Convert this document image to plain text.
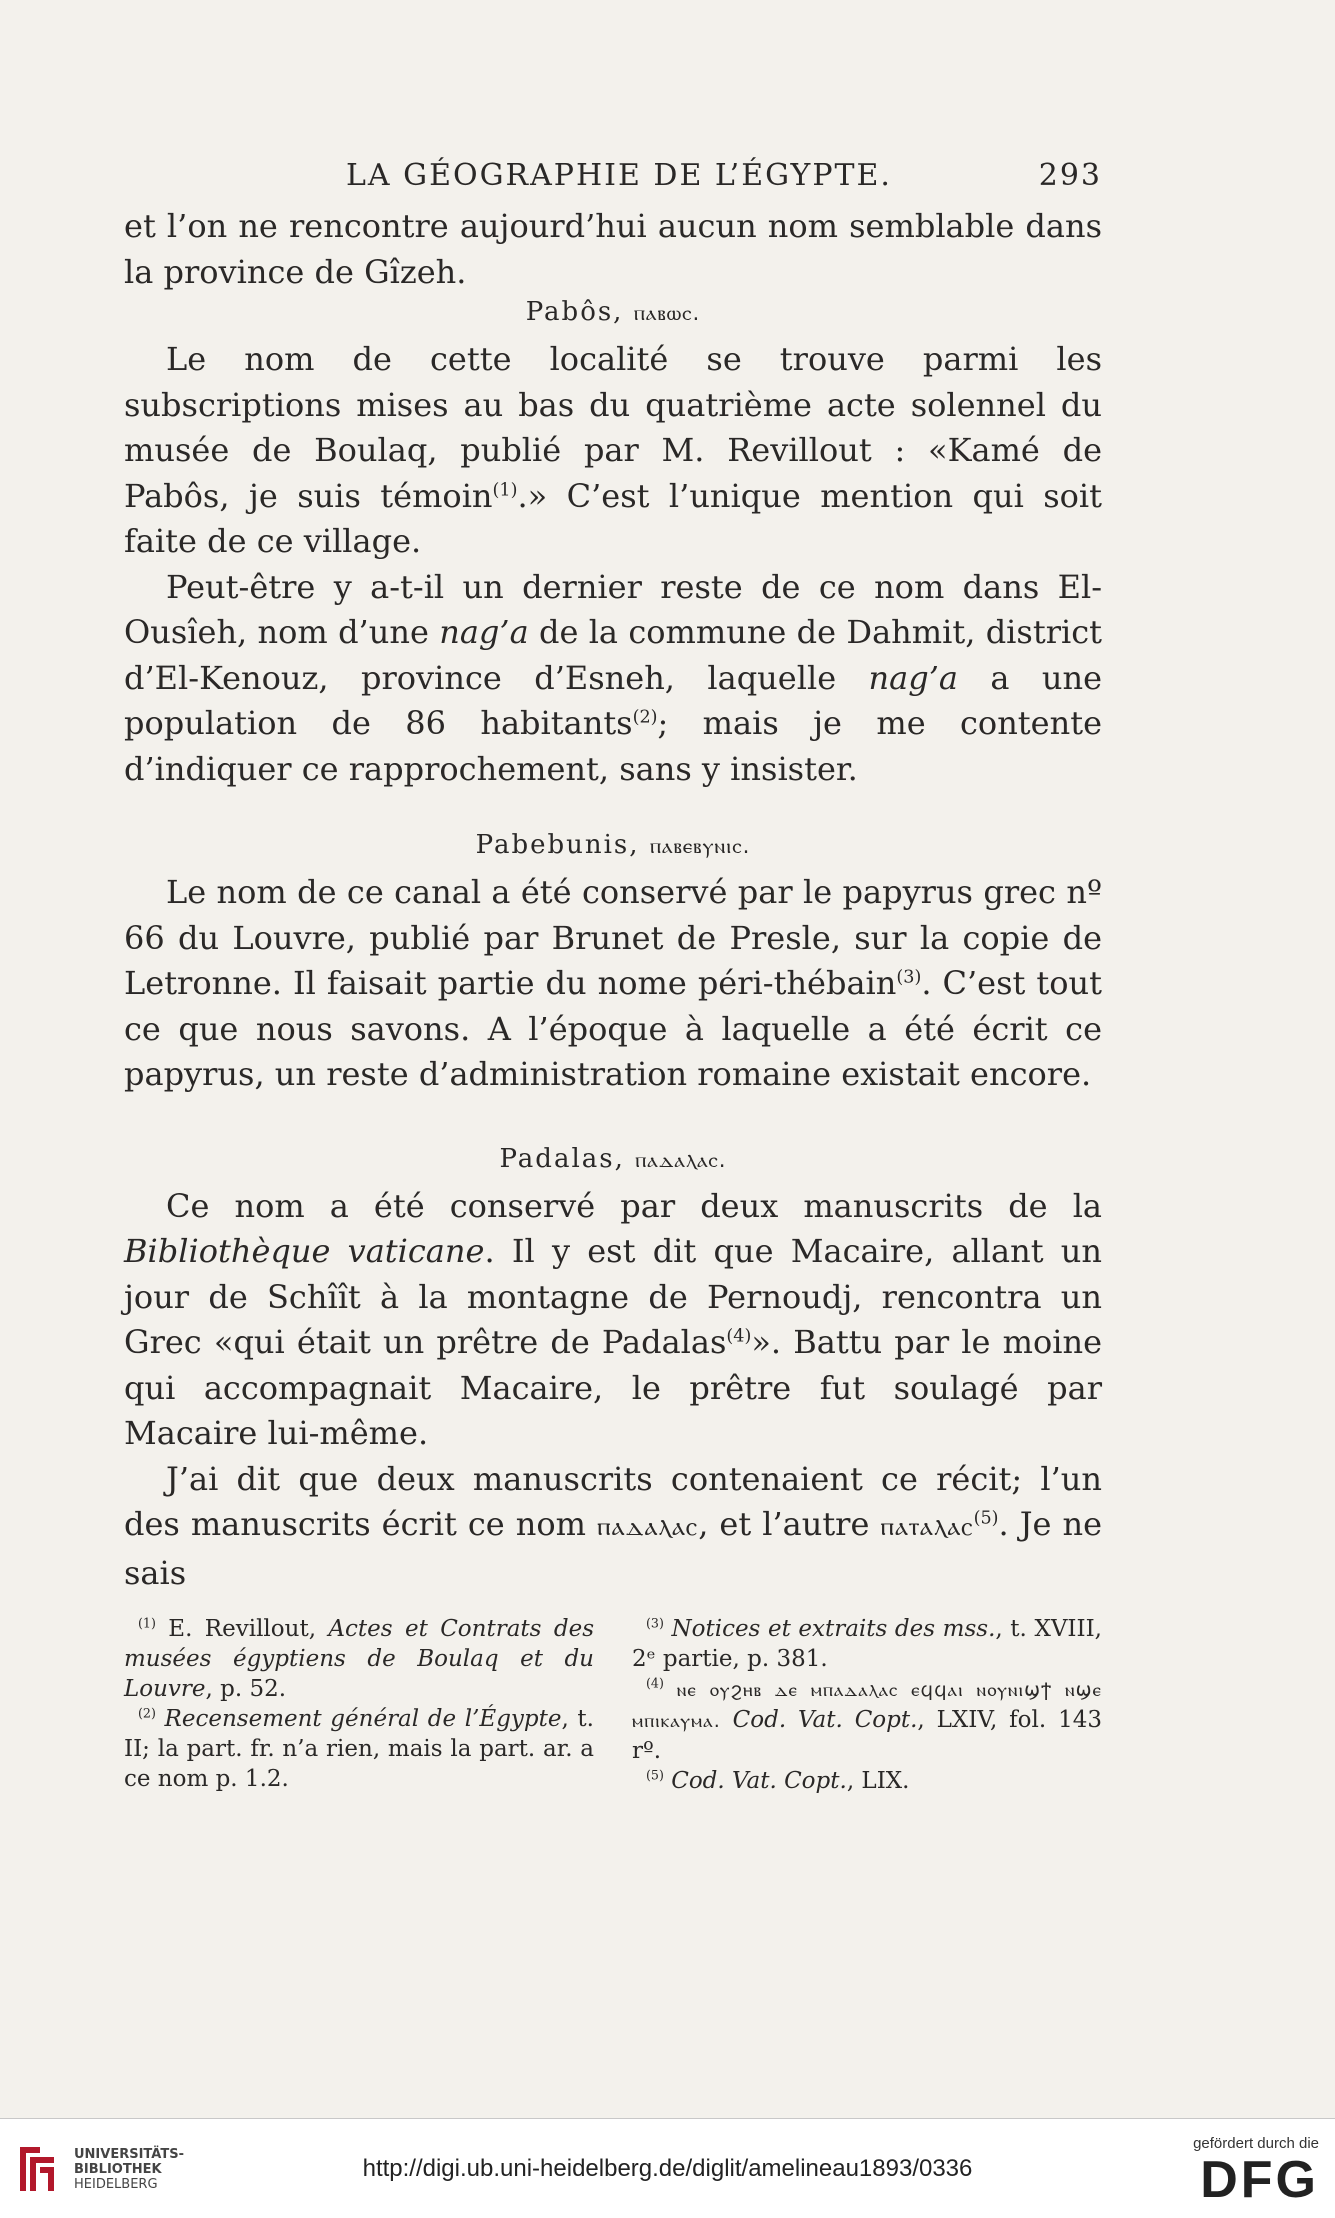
LA GÉOGRAPHIE DE L’ÉGYPTE.	293

et l’on ne rencontre aujourd’hui aucun nom semblable dans la province de Gîzeh.

Pabôs, ⲡⲁⲃⲱⲥ.

Le nom de cette localité se trouve parmi les subscriptions mises au bas du quatrième acte solennel du musée de Boulaq, publié par M. Revillout : «Kamé de Pabôs, je suis témoin$^{(1)}$.» C’est l’unique mention qui soit faite de ce village.

Peut-être y a-t-il un dernier reste de ce nom dans El-Ousîeh, nom d’une nag’a de la commune de Dahmit, district d’El-Kenouz, province d’Esneh, laquelle nag’a a une population de 86 habitants$^{(2)}$; mais je me contente d’indiquer ce rapprochement, sans y insister.

Pabebunis, ⲡⲁⲃⲉⲃⲩⲛⲓⲥ.

Le nom de ce canal a été conservé par le papyrus grec nº 66 du Louvre, publié par Brunet de Presle, sur la copie de Letronne. Il faisait partie du nome péri-thébain$^{(3)}$. C’est tout ce que nous savons. A l’époque à laquelle a été écrit ce papyrus, un reste d’administration romaine existait encore.

Padalas, ⲡⲁⲇⲁⲗⲁⲥ.

Ce nom a été conservé par deux manuscrits de la Bibliothèque vaticane. Il y est dit que Macaire, allant un jour de Schîît à la montagne de Pernoudj, rencontra un Grec «qui était un prêtre de Padalas$^{(4)}$». Battu par le moine qui accompagnait Macaire, le prêtre fut soulagé par Macaire lui-même.

J’ai dit que deux manuscrits contenaient ce récit; l’un des manuscrits écrit ce nom ⲡⲁⲇⲁⲗⲁⲥ, et l’autre ⲡⲁⲧⲁⲗⲁⲥ$^{(5)}$. Je ne sais

$^{(1)}$ E. Revillout, Actes et Contrats des musées égyptiens de Boulaq et du Louvre, p. 52.

$^{(2)}$ Recensement général de l’Égypte, t. II; la part. fr. n’a rien, mais la part. ar. a ce nom p. 1.2.

$^{(3)}$ Notices et extraits des mss., t. XVIII, 2ᵉ partie, p. 381.

$^{(4)}$ ⲛⲉ ⲟⲩϩⲏⲃ ⲇⲉ ⲙⲡⲁⲇⲁⲗⲁⲥ ⲉϥϥⲁⲓ ⲛⲟⲩⲛⲓϣϯ ⲛϣⲉ ⲙⲡⲓⲕⲁⲩⲙⲁ. Cod. Vat. Copt., LXIV, fol. 143 rº.

$^{(5)}$ Cod. Vat. Copt., LIX.

UNIVERSITÄTS-
BIBLIOTHEK
HEIDELBERG
http://digi.ub.uni-heidelberg.de/diglit/amelineau1893/0336
gefördert durch die
DFG
